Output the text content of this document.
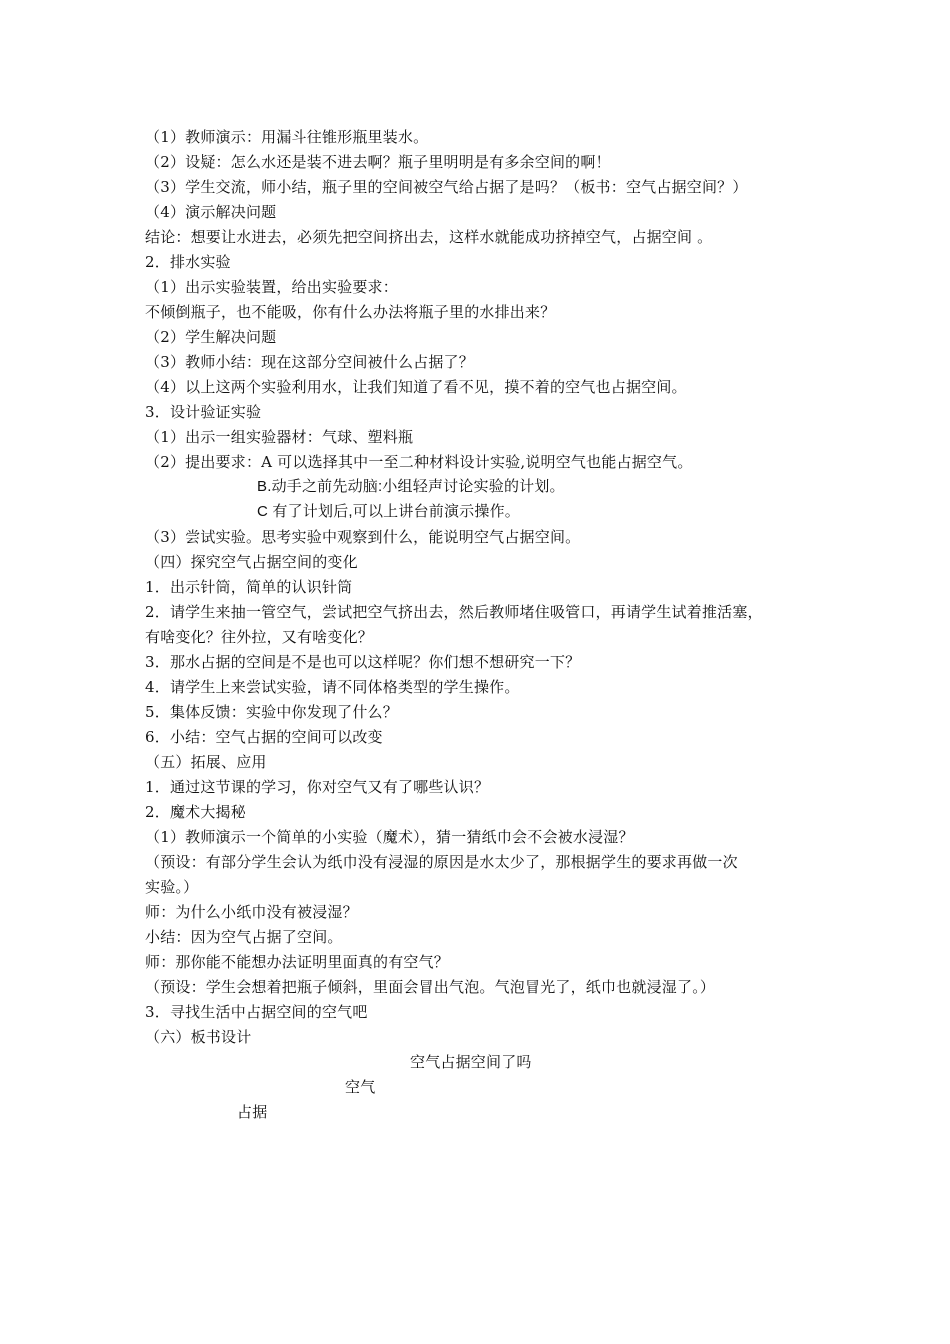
（1）教师演示：用漏斗往锥形瓶里装水。
（2）设疑：怎么水还是装不进去啊？瓶子里明明是有多余空间的啊！
（3）学生交流，师小结，瓶子里的空间被空气给占据了是吗？（板书：空气占据空间？）
（4）演示解决问题
结论：想要让水进去，必须先把空间挤出去，这样水就能成功挤掉空气，占据空间 。
2．排水实验
（1）出示实验装置，给出实验要求：
不倾倒瓶子，也不能吸，你有什么办法将瓶子里的水排出来？
（2）学生解决问题
（3）教师小结：现在这部分空间被什么占据了？
（4）以上这两个实验利用水，让我们知道了看不见，摸不着的空气也占据空间。
3．设计验证实验
（1）出示一组实验器材：气球、塑料瓶
（2）提出要求：A 可以选择其中一至二种材料设计实验,说明空气也能占据空气。
B.动手之前先动脑:小组轻声讨论实验的计划。
C 有了计划后,可以上讲台前演示操作。
（3）尝试实验。思考实验中观察到什么，能说明空气占据空间。
（四）探究空气占据空间的变化
1．出示针筒，简单的认识针筒
2．请学生来抽一管空气，尝试把空气挤出去，然后教师堵住吸管口，再请学生试着推活塞，
有啥变化？往外拉，又有啥变化？
3．那水占据的空间是不是也可以这样呢？你们想不想研究一下？
4．请学生上来尝试实验，请不同体格类型的学生操作。
5．集体反馈：实验中你发现了什么？
6．小结：空气占据的空间可以改变
（五）拓展、应用
1．通过这节课的学习，你对空气又有了哪些认识？
2．魔术大揭秘
（1）教师演示一个简单的小实验（魔术），猜一猜纸巾会不会被水浸湿？
（预设：有部分学生会认为纸巾没有浸湿的原因是水太少了，那根据学生的要求再做一次
实验。）
师：为什么小纸巾没有被浸湿？
小结：因为空气占据了空间。
师：那你能不能想办法证明里面真的有空气？
（预设：学生会想着把瓶子倾斜，里面会冒出气泡。气泡冒光了，纸巾也就浸湿了。）
3．寻找生活中占据空间的空气吧
（六）板书设计
空气占据空间了吗
空气
占据
